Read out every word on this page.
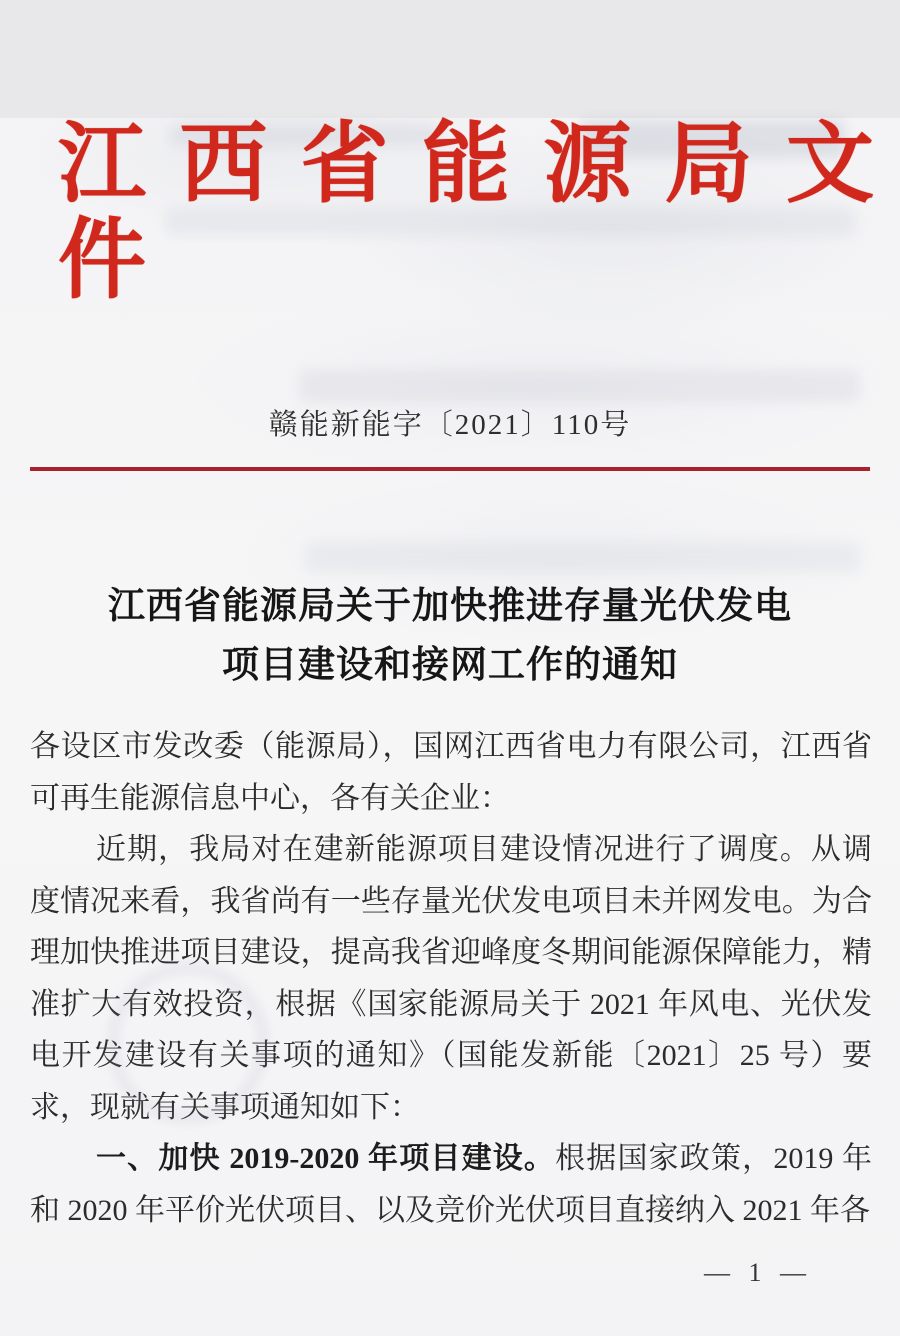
江 西 省 能 源 局 文 件
赣能新能字〔2021〕110号
江西省能源局关于加快推进存量光伏发电
项目建设和接网工作的通知

各设区市发改委（能源局），国网江西省电力有限公司，江西省可再生能源信息中心，各有关企业：

近期，我局对在建新能源项目建设情况进行了调度。从调度情况来看，我省尚有一些存量光伏发电项目未并网发电。为合理加快推进项目建设，提高我省迎峰度冬期间能源保障能力，精准扩大有效投资，根据《国家能源局关于 2021 年风电、光伏发电开发建设有关事项的通知》（国能发新能〔2021〕25 号）要求，现就有关事项通知如下：

一、加快 2019-2020 年项目建设。根据国家政策，2019 年和 2020 年平价光伏项目、以及竞价光伏项目直接纳入 2021 年各

— 1 —
